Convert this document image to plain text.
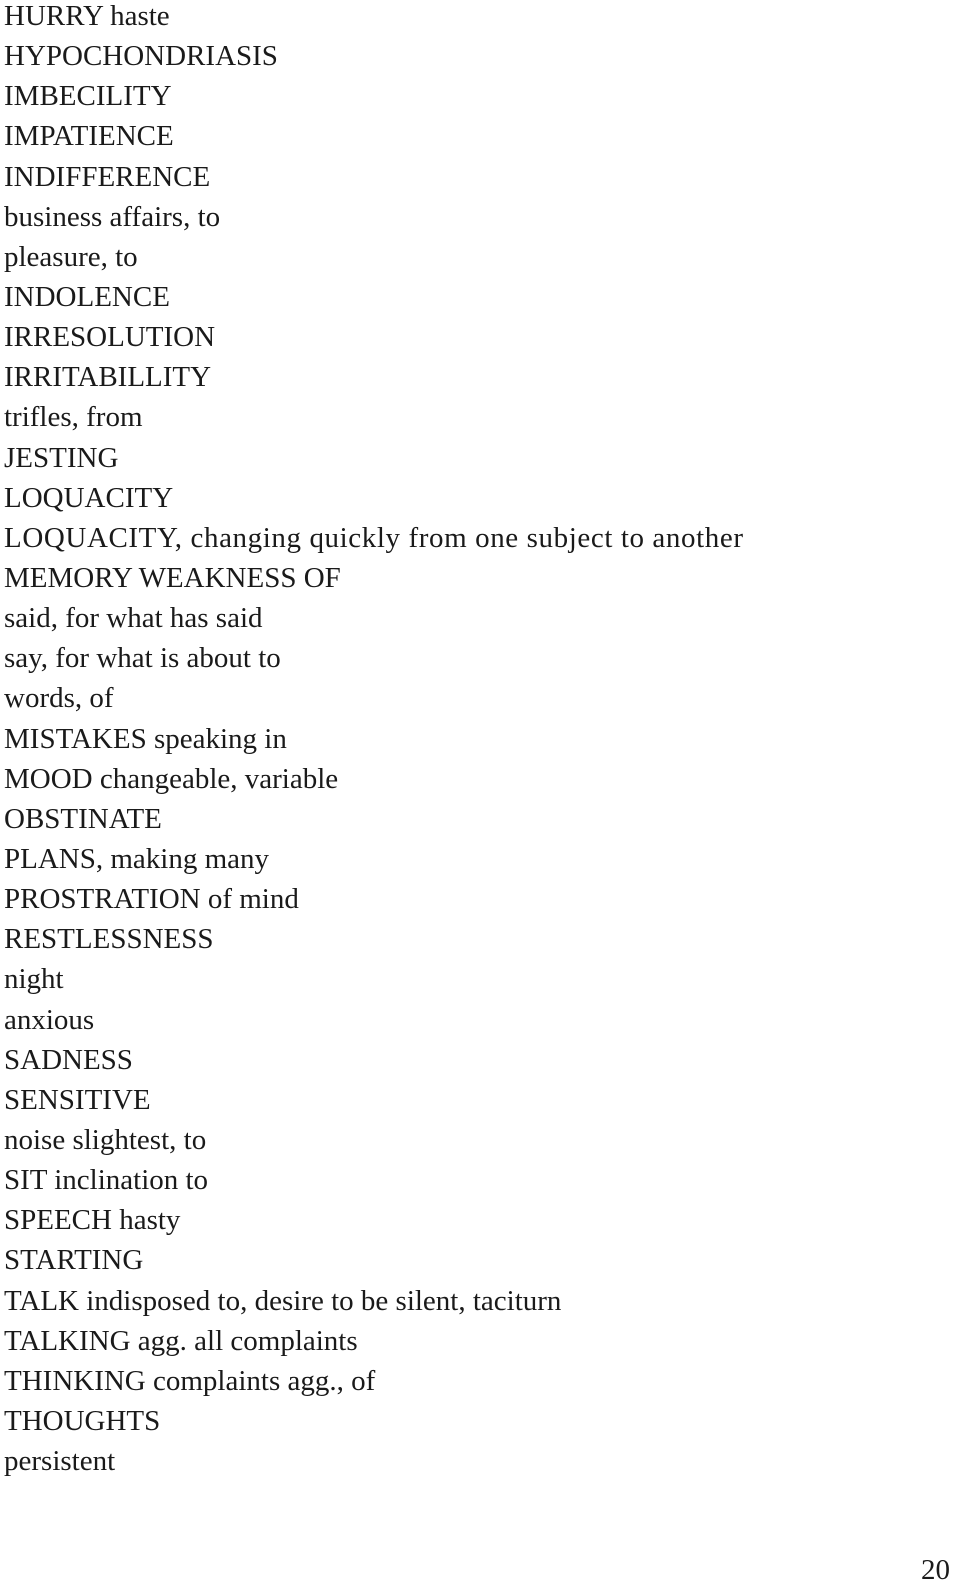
HURRY haste
HYPOCHONDRIASIS
IMBECILITY
IMPATIENCE
INDIFFERENCE
business affairs, to
pleasure, to
INDOLENCE
IRRESOLUTION
IRRITABILLITY
trifles, from
JESTING
LOQUACITY
LOQUACITY, changing quickly from one subject to another
MEMORY WEAKNESS OF
said, for what has said
say, for what is about to
words, of
MISTAKES speaking in
MOOD changeable, variable
OBSTINATE
PLANS, making many
PROSTRATION of mind
RESTLESSNESS
night
anxious
SADNESS
SENSITIVE
noise slightest, to
SIT inclination to
SPEECH hasty
STARTING
TALK indisposed to, desire to be silent, taciturn
TALKING agg. all complaints
THINKING complaints agg., of
THOUGHTS
persistent
20
